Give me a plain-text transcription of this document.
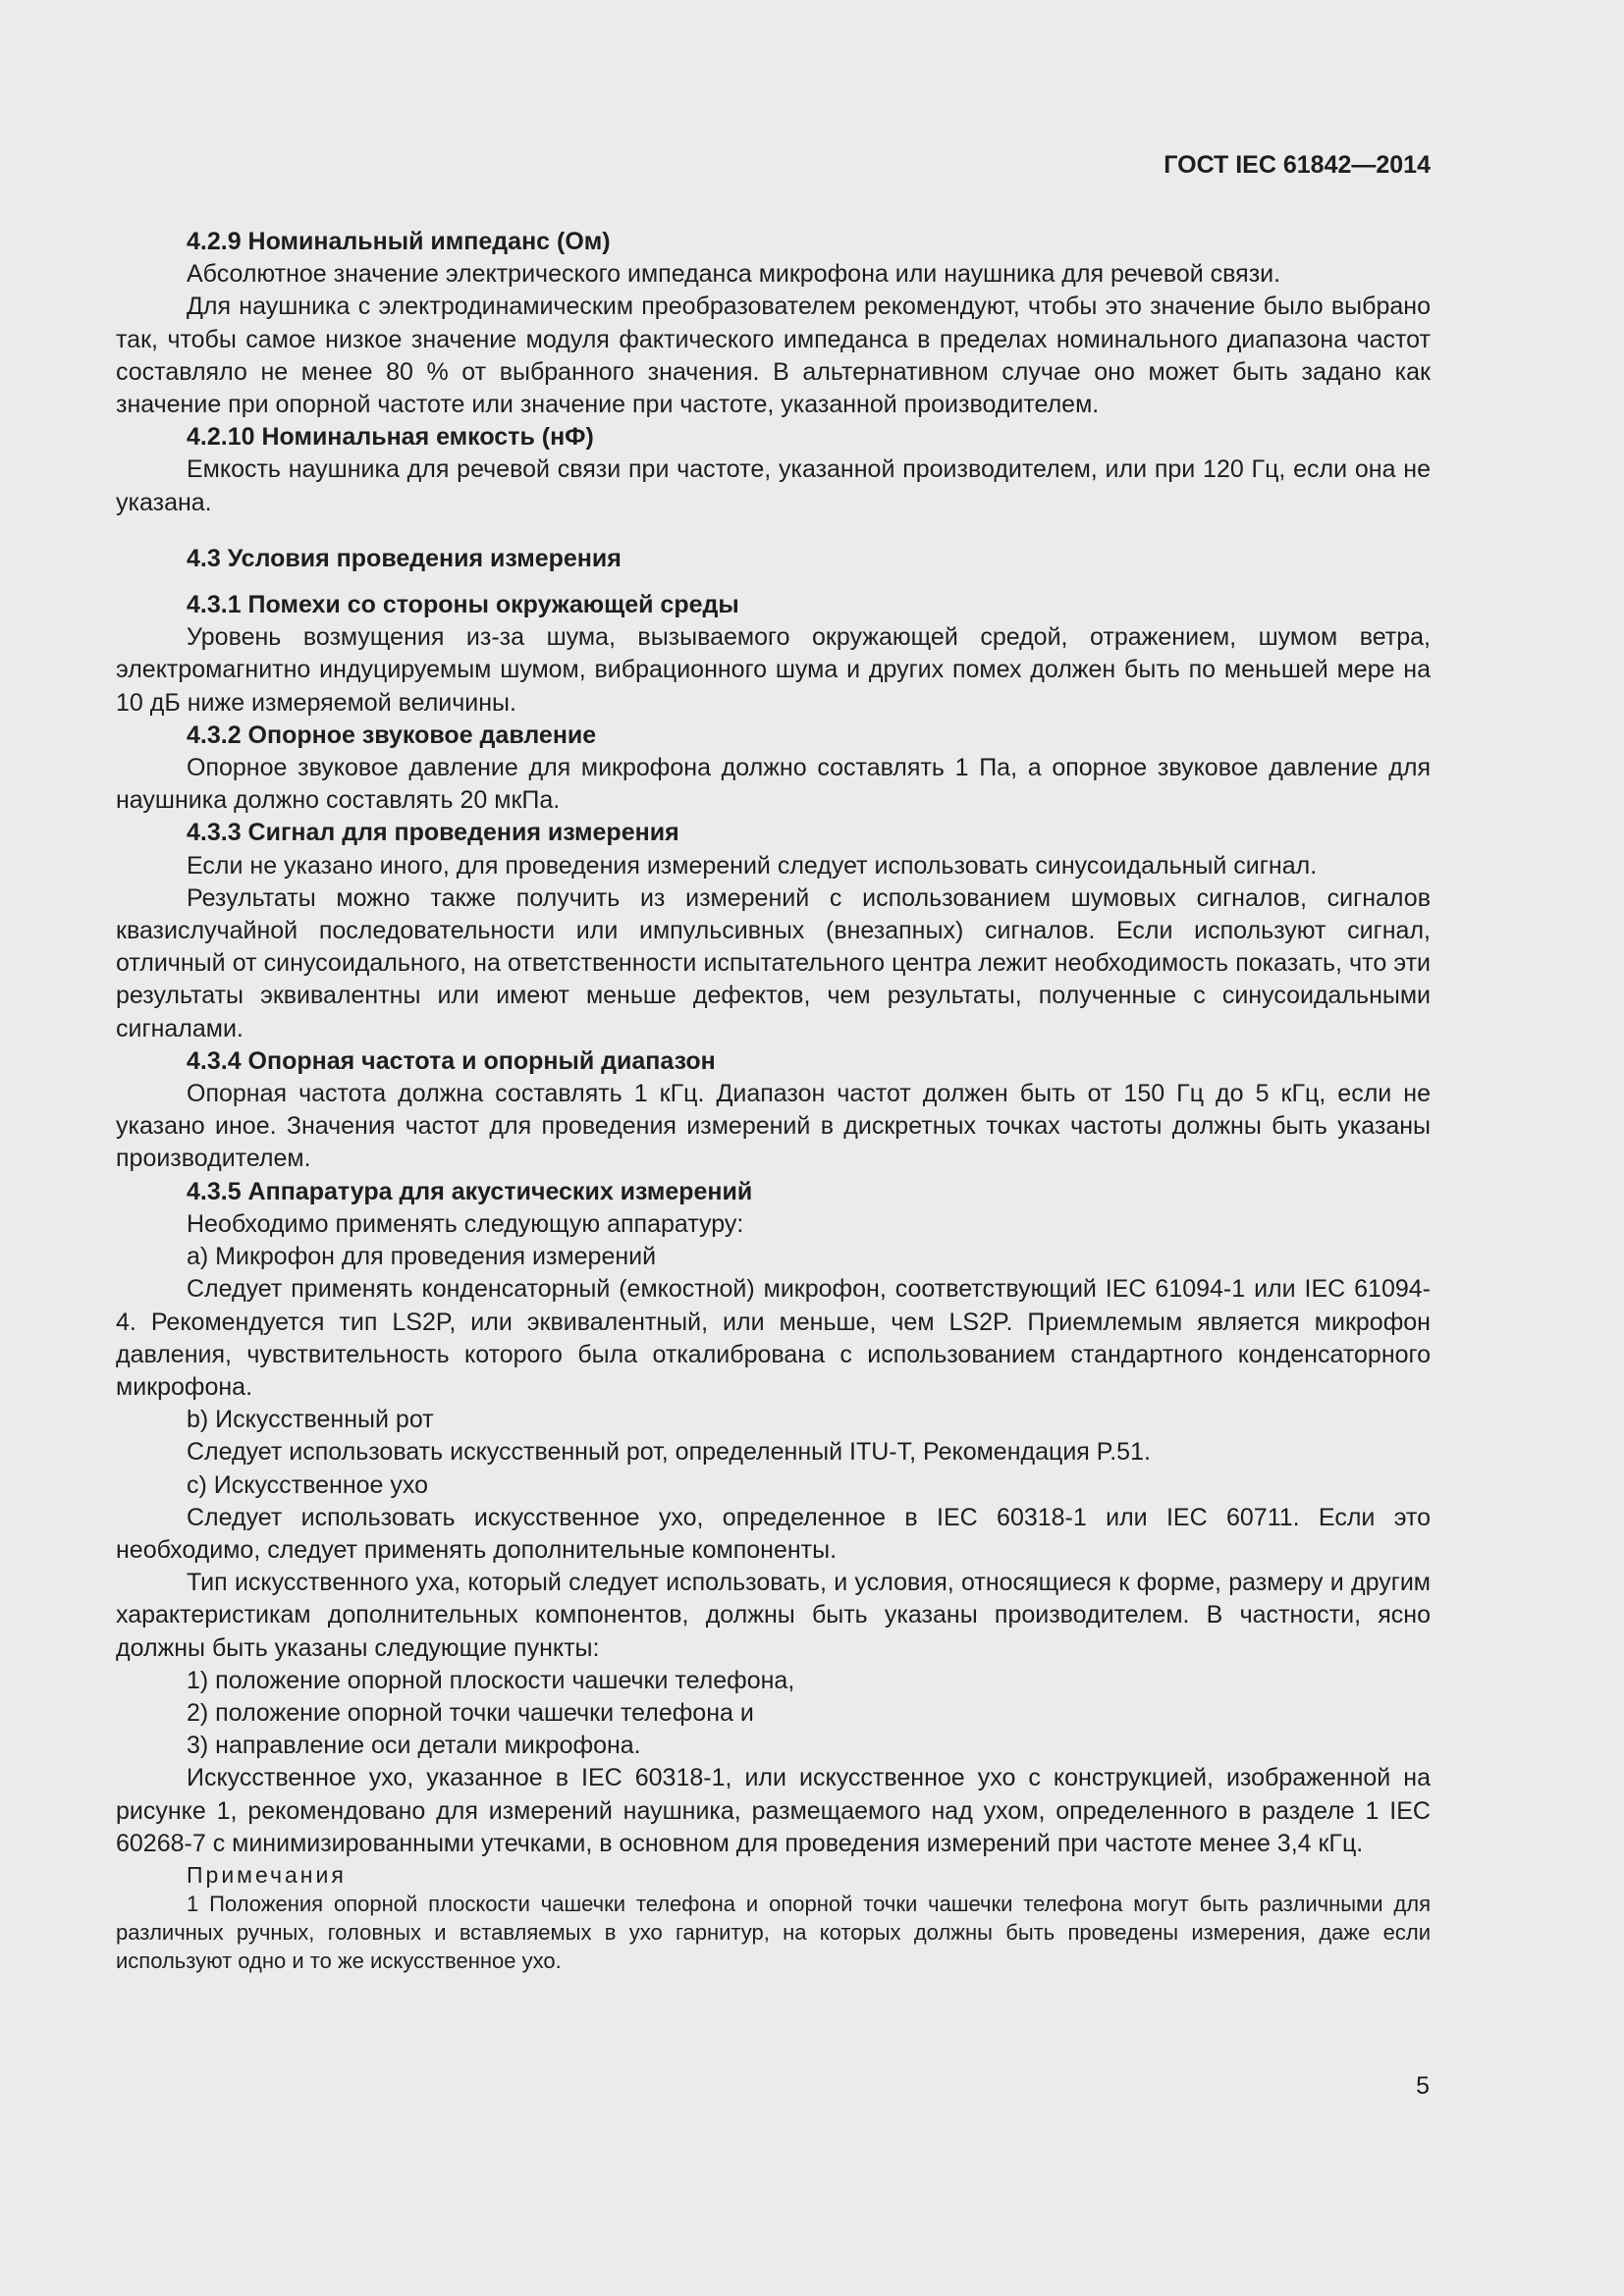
ГОСТ IEC 61842—2014

4.2.9 Номинальный импеданс (Ом)

Абсолютное значение электрического импеданса микрофона или наушника для речевой связи.

Для наушника с электродинамическим преобразователем рекомендуют, чтобы это значение было выбрано так, чтобы самое низкое значение модуля фактического импеданса в пределах номинального диапазона частот составляло не менее 80 % от выбранного значения. В альтернативном случае оно может быть задано как значение при опорной частоте или значение при частоте, указанной производителем.

4.2.10 Номинальная емкость (нФ)

Емкость наушника для речевой связи при частоте, указанной производителем, или при 120 Гц, если она не указана.

4.3 Условия проведения измерения

4.3.1 Помехи со стороны окружающей среды

Уровень возмущения из-за шума, вызываемого окружающей средой, отражением, шумом ветра, электромагнитно индуцируемым шумом, вибрационного шума и других помех должен быть по меньшей мере на 10 дБ ниже измеряемой величины.

4.3.2 Опорное звуковое давление

Опорное звуковое давление для микрофона должно составлять 1 Па, а опорное звуковое давление для наушника должно составлять 20 мкПа.

4.3.3 Сигнал для проведения измерения

Если не указано иного, для проведения измерений следует использовать синусоидальный сигнал.

Результаты можно также получить из измерений с использованием шумовых сигналов, сигналов квазислучайной последовательности или импульсивных (внезапных) сигналов. Если используют сигнал, отличный от синусоидального, на ответственности испытательного центра лежит необходимость показать, что эти результаты эквивалентны или имеют меньше дефектов, чем результаты, полученные с синусоидальными сигналами.

4.3.4 Опорная частота и опорный диапазон

Опорная частота должна составлять 1 кГц. Диапазон частот должен быть от 150 Гц до 5 кГц, если не указано иное. Значения частот для проведения измерений в дискретных точках частоты должны быть указаны производителем.

4.3.5 Аппаратура для акустических измерений

Необходимо применять следующую аппаратуру:

а) Микрофон для проведения измерений

Следует применять конденсаторный (емкостной) микрофон, соответствующий IEC 61094-1 или IEC 61094-4. Рекомендуется тип LS2P, или эквивалентный, или меньше, чем LS2P. Приемлемым является микрофон давления, чувствительность которого была откалибрована с использованием стандартного конденсаторного микрофона.

b) Искусственный рот

Следует использовать искусственный рот, определенный ITU-T, Рекомендация P.51.

с) Искусственное ухо

Следует использовать искусственное ухо, определенное в IEC 60318-1 или IEC 60711. Если это необходимо, следует применять дополнительные компоненты.

Тип искусственного уха, который следует использовать, и условия, относящиеся к форме, размеру и другим характеристикам дополнительных компонентов, должны быть указаны производителем. В частности, ясно должны быть указаны следующие пункты:

1) положение опорной плоскости чашечки телефона,

2) положение опорной точки чашечки телефона и

3) направление оси детали микрофона.

Искусственное ухо, указанное в IEC 60318-1, или искусственное ухо с конструкцией, изображенной на рисунке 1, рекомендовано для измерений наушника, размещаемого над ухом, определенного в разделе 1 IEC 60268-7 с минимизированными утечками, в основном для проведения измерений при частоте менее 3,4 кГц.

Примечания

1 Положения опорной плоскости чашечки телефона и опорной точки чашечки телефона могут быть различными для различных ручных, головных и вставляемых в ухо гарнитур, на которых должны быть проведены измерения, даже если используют одно и то же искусственное ухо.

5
